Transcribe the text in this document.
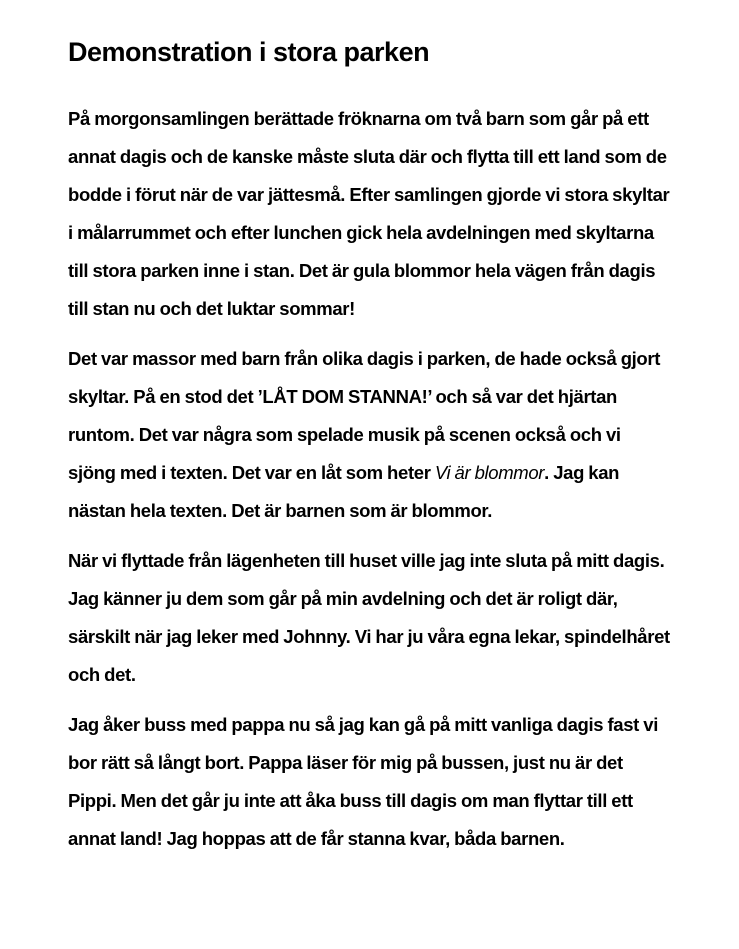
Demonstration i stora parken

På morgonsamlingen berättade fröknarna om två barn som går på ett annat dagis och de kanske måste sluta där och flytta till ett land som de bodde i förut när de var jättesmå. Efter samlingen gjorde vi stora skyltar i målarrummet och efter lunchen gick hela avdelningen med skyltarna till stora parken inne i stan. Det är gula blommor hela vägen från dagis till stan nu och det luktar sommar!

Det var massor med barn från olika dagis i parken, de hade också gjort skyltar. På en stod det ’LÅT DOM STANNA!’ och så var det hjärtan runtom. Det var några som spelade musik på scenen också och vi sjöng med i texten. Det var en låt som heter Vi är blommor. Jag kan nästan hela texten. Det är barnen som är blommor.

När vi flyttade från lägenheten till huset ville jag inte sluta på mitt dagis. Jag känner ju dem som går på min avdelning och det är roligt där, särskilt när jag leker med Johnny. Vi har ju våra egna lekar, spindelhåret och det.

Jag åker buss med pappa nu så jag kan gå på mitt vanliga dagis fast vi bor rätt så långt bort. Pappa läser för mig på bussen, just nu är det Pippi. Men det går ju inte att åka buss till dagis om man flyttar till ett annat land! Jag hoppas att de får stanna kvar, båda barnen.
